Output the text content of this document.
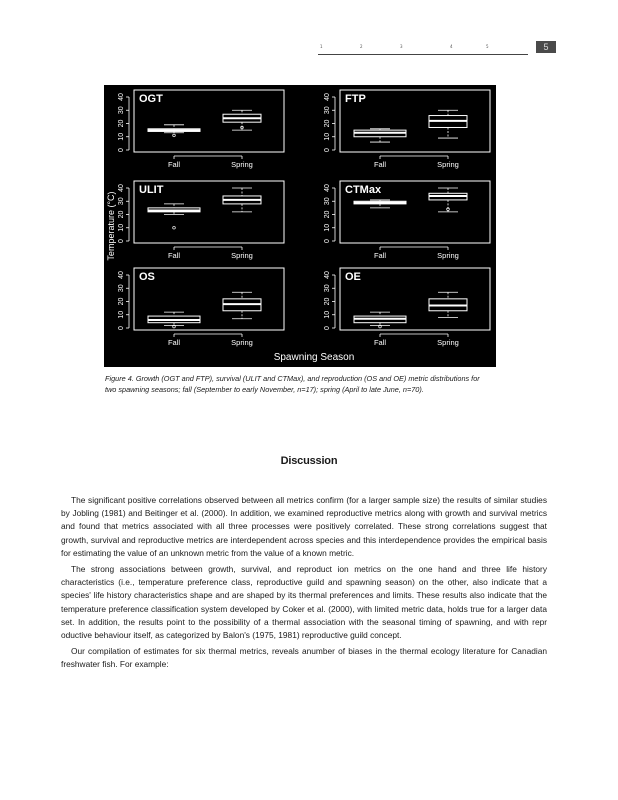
1	2	3	4	5	5
OGT
0
10
20
30
40
Fall	Spring
FTP
0
10
20
30
40
Fall	Spring
ULIT
0
10
20
30
40
Fall	Spring
CTMax
0
10
20
30
40
Fall	Spring
OS
0
10
20
30
40
Fall	Spring
OE
0
10
20
30
40
Fall	Spring
Temperature (°C)
Spawning Season
Figure 4. Growth (OGT and FTP), survival (ULIT and CTMax), and reproduction (OS and OE) metric distributions for two spawning seasons; fall (September to early November, n=17); spring (April to late June, n=70).
Discussion

The significant positive correlations observed between all metrics confirm (for a larger sample size) the results of similar studies by Jobling (1981) and Beitinger et al. (2000). In addition, we examined reproductive metrics along with growth and survival metrics and found that metrics associated with all three processes were positively correlated. These strong correlations suggest that growth, survival and reproductive metrics are interdependent across species and this interdependence provides the empirical basis for estimating the value of an unknown metric from the value of a known metric.

The strong associations between growth, survival, and reproduct ion metrics on the one hand and three life history characteristics (i.e., temperature preference class, reproductive guild and spawning season) on the other, also indicate that a species' life history characteristics shape and are shaped by its thermal preferences and limits. These results also indicate that the temperature preference classification system developed by Coker et al. (2000), with limited metric data, holds true for a larger data set. In addition, the results point to the possibility of a thermal association with the seasonal timing of spawning, and with repr oductive behaviour itself, as categorized by Balon's (1975, 1981) reproductive guild concept.

Our compilation of estimates for six thermal metrics, reveals anumber of biases in the thermal ecology literature for Canadian freshwater fish. For example:
